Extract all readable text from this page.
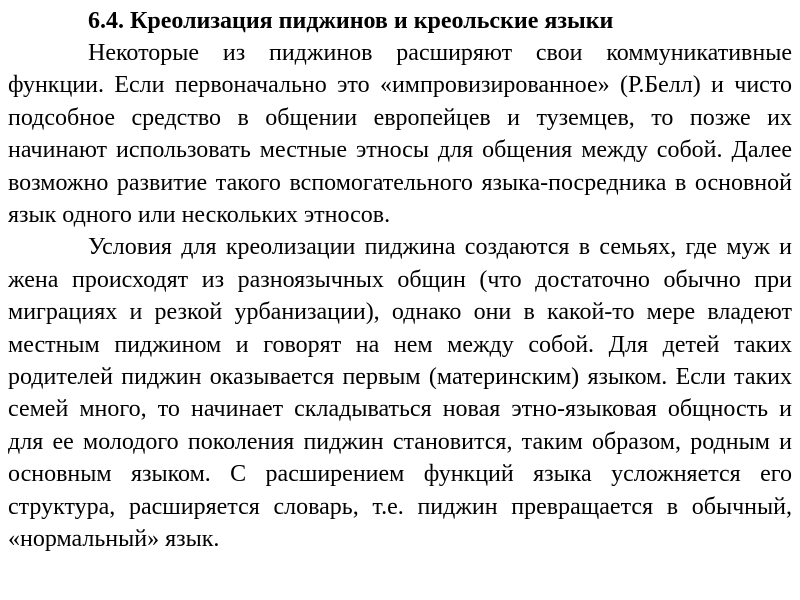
6.4. Креолизация пиджинов и креольские языки

Некоторые из пиджинов расширяют свои коммуникативные функции. Если первоначально это «импровизированное» (Р.Белл) и чисто подсобное средство в общении европейцев и туземцев, то позже их начинают использовать местные этносы для общения между собой. Далее возможно развитие такого вспомогательного языка-посредника в основной язык одного или нескольких этносов.

Условия для креолизации пиджина создаются в семьях, где муж и жена происходят из разноязычных общин (что достаточно обычно при миграциях и резкой урбанизации), однако они в какой-то мере владеют местным пиджином и говорят на нем между собой. Для детей таких родителей пиджин оказывается первым (материнским) языком. Если таких семей много, то начинает складываться новая этно-языковая общность и для ее молодого поколения пиджин становится, таким образом, родным и основным языком. С расширением функций языка усложняется его структура, расширяется словарь, т.е. пиджин превращается в обычный, «нормальный» язык.
